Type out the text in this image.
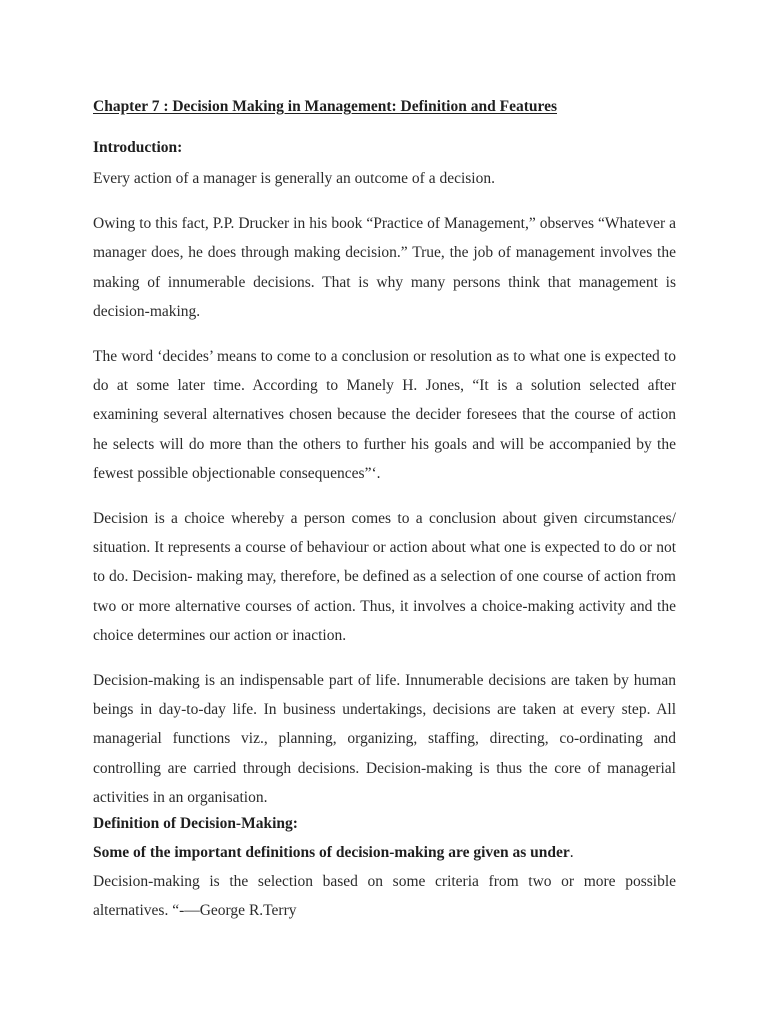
Chapter 7 : Decision Making in Management: Definition and Features

Introduction:

Every action of a manager is generally an outcome of a decision.

Owing to this fact, P.P. Drucker in his book “Practice of Management,” observes “Whatever a manager does, he does through making decision.” True, the job of management involves the making of innumerable decisions. That is why many persons think that management is decision-making.

The word ‘decides’ means to come to a conclusion or resolution as to what one is expected to do at some later time. According to Manely H. Jones, “It is a solution selected after examining several alternatives chosen because the decider foresees that the course of action he selects will do more than the others to further his goals and will be accompanied by the fewest possible objectionable consequences”‘.

Decision is a choice whereby a person comes to a conclusion about given circumstances/ situation. It represents a course of behaviour or action about what one is expected to do or not to do. Decision- making may, therefore, be defined as a selection of one course of action from two or more alternative courses of action. Thus, it involves a choice-making activity and the choice determines our action or inaction.

Decision-making is an indispensable part of life. Innumerable decisions are taken by human beings in day-to-day life. In business undertakings, decisions are taken at every step. All managerial functions viz., planning, organizing, staffing, directing, co-ordinating and controlling are carried through decisions. Decision-making is thus the core of managerial activities in an organisation.

Definition of Decision-Making:

Some of the important definitions of decision-making are given as under.

Decision-making is the selection based on some criteria from two or more possible alternatives. “-—George R.Terry
